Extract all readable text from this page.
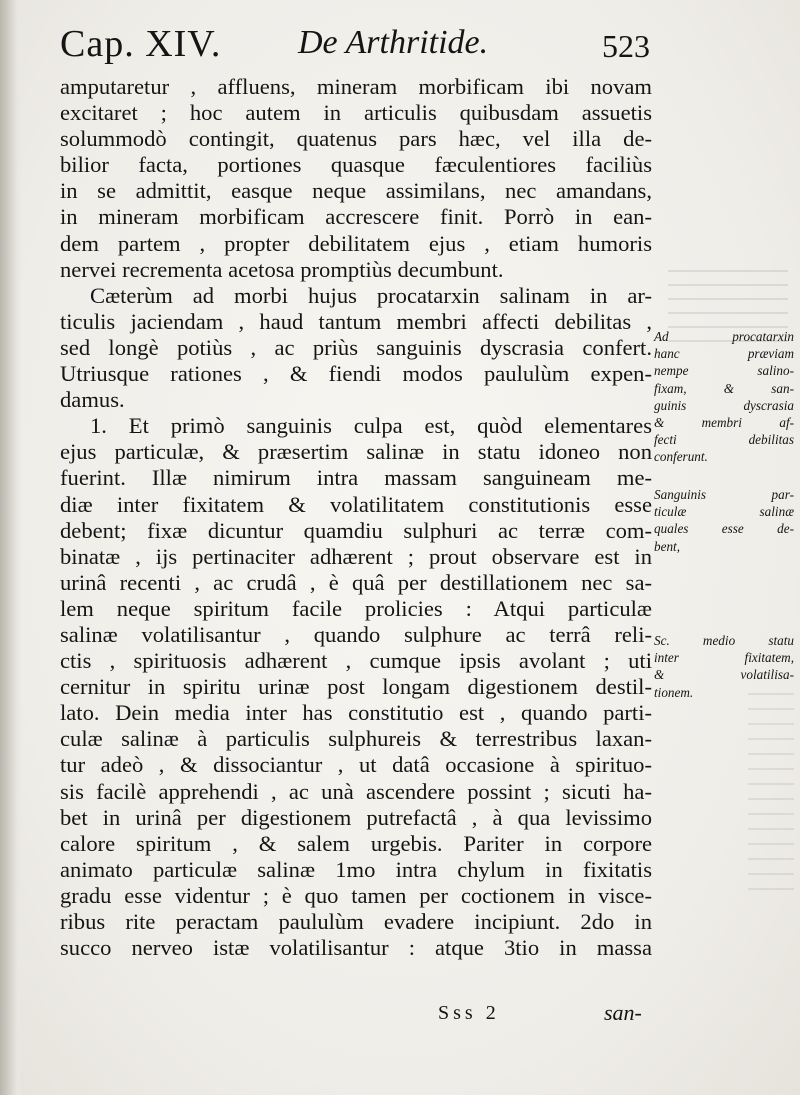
Cap. XIV. De Arthritide.	523
amputaretur , affluens, mineram morbificam ibi novam
excitaret ; hoc autem in articulis quibusdam assuetis
solummodò contingit, quatenus pars hæc, vel illa de-
bilior facta, portiones quasque fæculentiores faciliùs
in se admittit, easque neque assimilans, nec amandans,
in mineram morbificam accrescere finit. Porrò in ean-
dem partem , propter debilitatem ejus , etiam humoris
nervei recrementa acetosa promptiùs decumbunt.
Cæterùm ad morbi hujus procatarxin salinam in ar-
ticulis jaciendam , haud tantum membri affecti debilitas ,
sed longè potiùs , ac priùs sanguinis dyscrasia confert.
Utriusque rationes , & fiendi modos paululùm expen-
damus.
1. Et primò sanguinis culpa est, quòd elementares
ejus particulæ, & præsertim salinæ in statu idoneo non
fuerint. Illæ nimirum intra massam sanguineam me-
diæ inter fixitatem & volatilitatem constitutionis esse
debent; fixæ dicuntur quamdiu sulphuri ac terræ com-
binatæ , ijs pertinaciter adhærent ; prout observare est in
urinâ recenti , ac crudâ , è quâ per destillationem nec sa-
lem neque spiritum facile prolicies : Atqui particulæ
salinæ volatilisantur , quando sulphure ac terrâ reli-
ctis , spirituosis adhærent , cumque ipsis avolant ; uti
cernitur in spiritu urinæ post longam digestionem destil-
lato. Dein media inter has constitutio est , quando parti-
culæ salinæ à particulis sulphureis & terrestribus laxan-
tur adeò , & dissociantur , ut datâ occasione à spirituo-
sis facilè apprehendi , ac unà ascendere possint ; sicuti ha-
bet in urinâ per digestionem putrefactâ , à qua levissimo
calore spiritum , & salem urgebis. Pariter in corpore
animato particulæ salinæ 1mo intra chylum in fixitatis
gradu esse videntur ; è quo tamen per coctionem in visce-
ribus rite peractam paululùm evadere incipiunt. 2do in
succo nerveo istæ volatilisantur : atque 3tio in massa
Ad procatarxin
hanc præviam
nempe salino-
fixam, & san-
guinis dyscrasia
& membri af-
fecti debilitas
conferunt.
Sanguinis par-
ticulæ salinæ
quales esse de-
bent,
Sc. medio statu
inter fixitatem,
& volatilisa-
tionem.
Sss 2	san-
